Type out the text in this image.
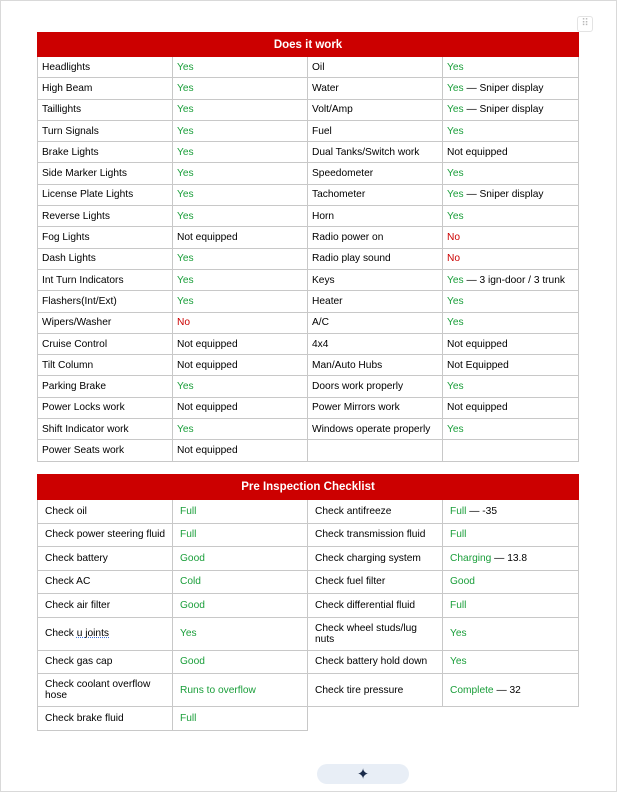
⠿
Does it work			
Headlights	Yes	Oil	Yes
High Beam	Yes	Water	Yes — Sniper display
Taillights	Yes	Volt/Amp	Yes — Sniper display
Turn Signals	Yes	Fuel	Yes
Brake Lights	Yes	Dual Tanks/Switch work	Not equipped
Side Marker Lights	Yes	Speedometer	Yes
License Plate Lights	Yes	Tachometer	Yes — Sniper display
Reverse Lights	Yes	Horn	Yes
Fog Lights	Not equipped	Radio power on	No
Dash Lights	Yes	Radio play sound	No
Int Turn Indicators	Yes	Keys	Yes — 3 ign-door / 3 trunk
Flashers(Int/Ext)	Yes	Heater	Yes
Wipers/Washer	No	A/C	Yes
Cruise Control	Not equipped	4x4	Not equipped
Tilt Column	Not equipped	Man/Auto Hubs	Not Equipped
Parking Brake	Yes	Doors work properly	Yes
Power Locks work	Not equipped	Power Mirrors work	Not equipped
Shift Indicator work	Yes	Windows operate properly	Yes
Power Seats work	Not equipped		
Pre Inspection Checklist			
Check oil	Full	Check antifreeze	Full — -35
Check power steering fluid	Full	Check transmission fluid	Full
Check battery	Good	Check charging system	Charging — 13.8
Check AC	Cold	Check fuel filter	Good
Check air filter	Good	Check differential fluid	Full
Check u joints	Yes	Check wheel studs/lug nuts	Yes
Check gas cap	Good	Check battery hold down	Yes
Check coolant overflow hose	Runs to overflow	Check tire pressure	Complete — 32
Check brake fluid	Full		
✦
